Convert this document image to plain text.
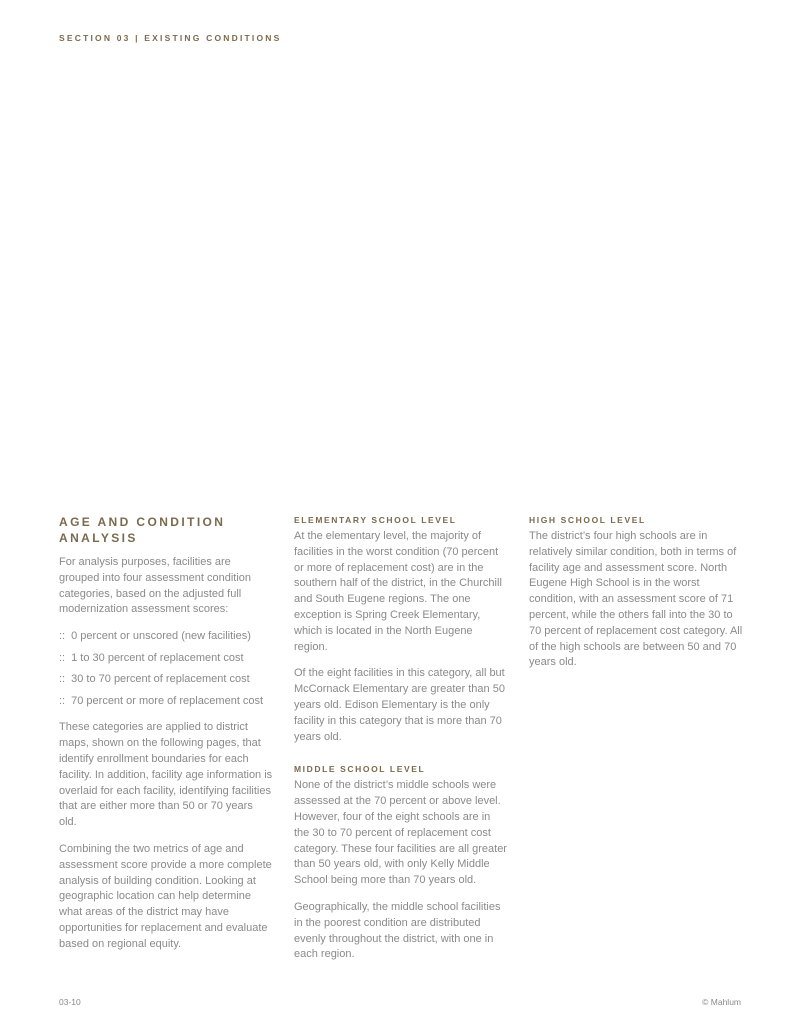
SECTION 03 | EXISTING CONDITIONS
AGE AND CONDITION ANALYSIS

For analysis purposes, facilities are grouped into four assessment condition categories, based on the adjusted full modernization assessment scores:

:: 0 percent or unscored (new facilities)
:: 1 to 30 percent of replacement cost
:: 30 to 70 percent of replacement cost
:: 70 percent or more of replacement cost

These categories are applied to district maps, shown on the following pages, that identify enrollment boundaries for each facility. In addition, facility age information is overlaid for each facility, identifying facilities that are either more than 50 or 70 years old.

Combining the two metrics of age and assessment score provide a more complete analysis of building condition. Looking at geographic location can help determine what areas of the district may have opportunities for replacement and evaluate based on regional equity.

ELEMENTARY SCHOOL LEVEL

At the elementary level, the majority of facilities in the worst condition (70 percent or more of replacement cost) are in the southern half of the district, in the Churchill and South Eugene regions. The one exception is Spring Creek Elementary, which is located in the North Eugene region.

Of the eight facilities in this category, all but McCornack Elementary are greater than 50 years old. Edison Elementary is the only facility in this category that is more than 70 years old.

MIDDLE SCHOOL LEVEL

None of the district’s middle schools were assessed at the 70 percent or above level. However, four of the eight schools are in the 30 to 70 percent of replacement cost category. These four facilities are all greater than 50 years old, with only Kelly Middle School being more than 70 years old.

Geographically, the middle school facilities in the poorest condition are distributed evenly throughout the district, with one in each region.

HIGH SCHOOL LEVEL

The district’s four high schools are in relatively similar condition, both in terms of facility age and assessment score. North Eugene High School is in the worst condition, with an assessment score of 71 percent, while the others fall into the 30 to 70 percent of replacement cost category. All of the high schools are between 50 and 70 years old.

03-10	© Mahlum
